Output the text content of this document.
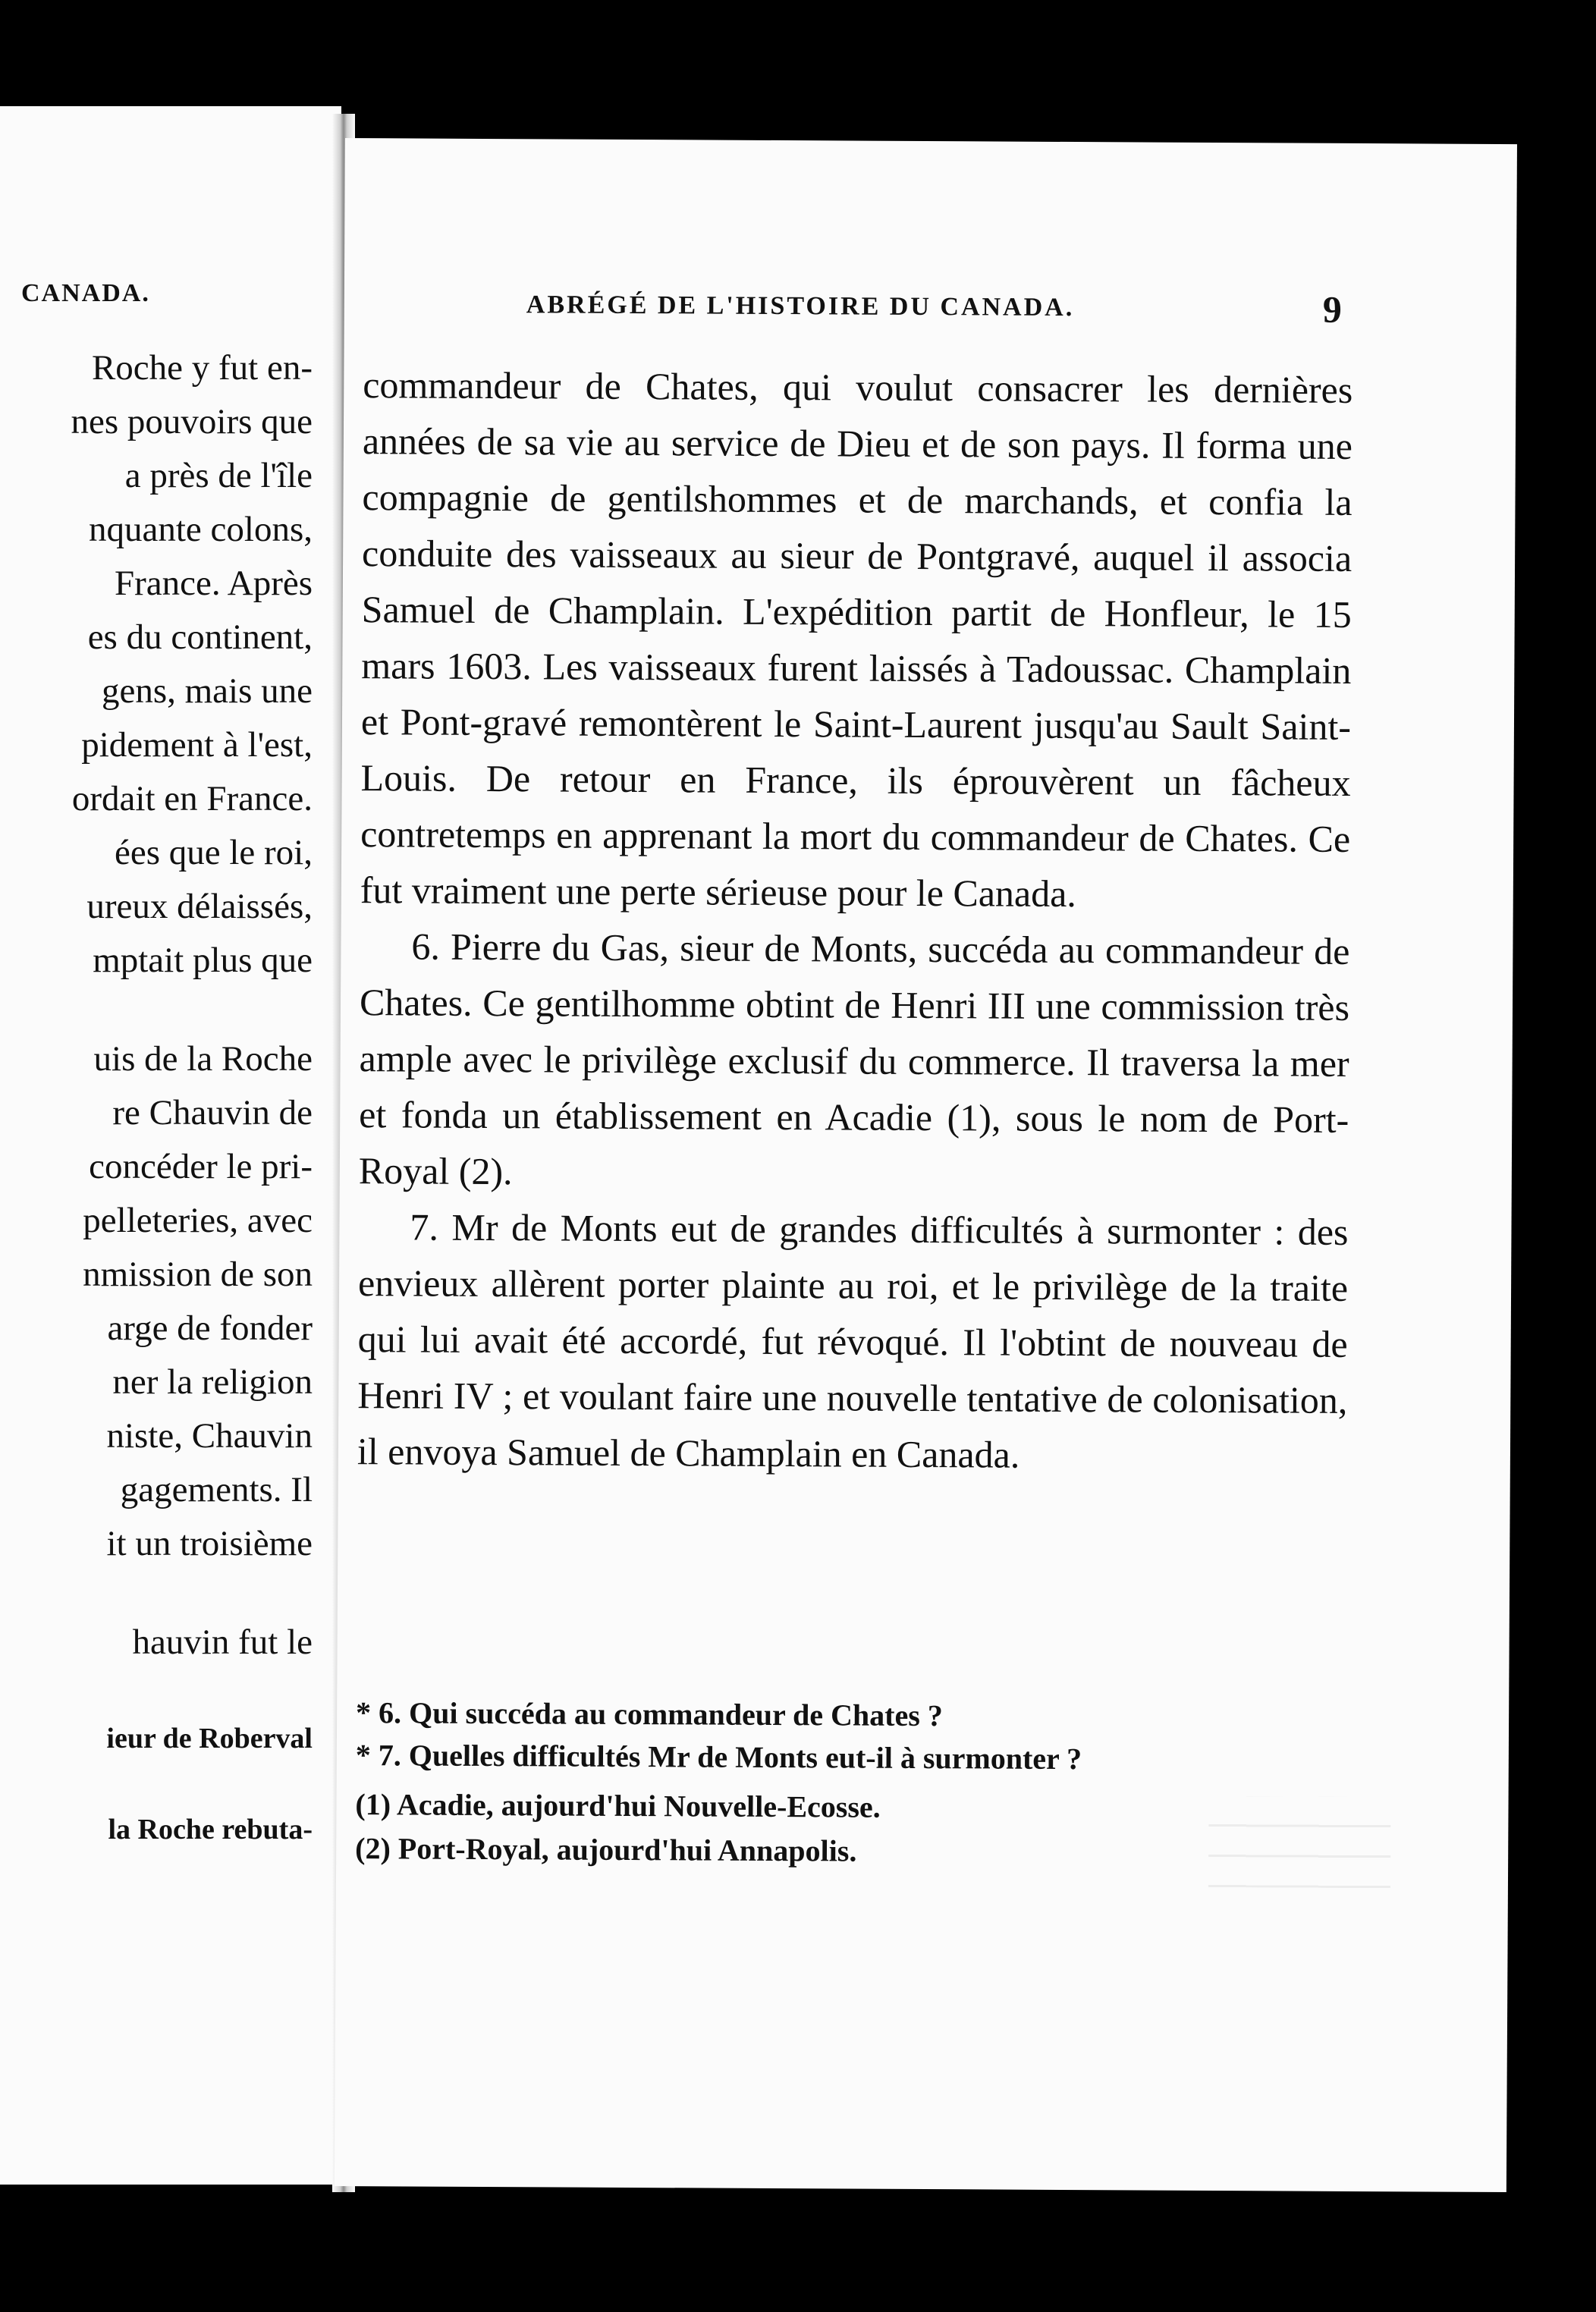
CANADA.
Roche y fut en-
nes pouvoirs que
a près de l'île
nquante colons,
France. Après
es du continent,
gens, mais une
pidement à l'est,
ordait en France.
ées que le roi,
ureux délaissés,
mptait plus que
uis de la Roche
re Chauvin de
concéder le pri-
pelleteries, avec
nmission de son
arge de fonder
ner la religion
niste, Chauvin
gagements. Il
it un troisième
hauvin fut le
ieur de Roberval
la Roche rebuta-
ABRÉGÉ DE L'HISTOIRE DU CANADA.	9

commandeur de Chates, qui voulut consacrer les dernières années de sa vie au service de Dieu et de son pays. Il forma une compagnie de gentilshommes et de marchands, et confia la conduite des vaisseaux au sieur de Pontgravé, auquel il associa Samuel de Champlain. L'expédition partit de Honfleur, le 15 mars 1603. Les vaisseaux furent laissés à Tadoussac. Champlain et Pont-gravé remontèrent le Saint-Laurent jusqu'au Sault Saint-Louis. De retour en France, ils éprouvèrent un fâcheux contretemps en apprenant la mort du commandeur de Chates. Ce fut vraiment une perte sérieuse pour le Canada.

6. Pierre du Gas, sieur de Monts, succéda au commandeur de Chates. Ce gentilhomme obtint de Henri III une commission très ample avec le privilège exclusif du commerce. Il traversa la mer et fonda un établissement en Acadie (1), sous le nom de Port-Royal (2).

7. Mr de Monts eut de grandes difficultés à surmonter : des envieux allèrent porter plainte au roi, et le privilège de la traite qui lui avait été accordé, fut révoqué. Il l'obtint de nouveau de Henri IV ; et voulant faire une nouvelle tentative de colonisation, il envoya Samuel de Champlain en Canada.

* 6. Qui succéda au commandeur de Chates ?
* 7. Quelles difficultés Mr de Monts eut-il à surmonter ?
(1) Acadie, aujourd'hui Nouvelle-Ecosse.
(2) Port-Royal, aujourd'hui Annapolis.
